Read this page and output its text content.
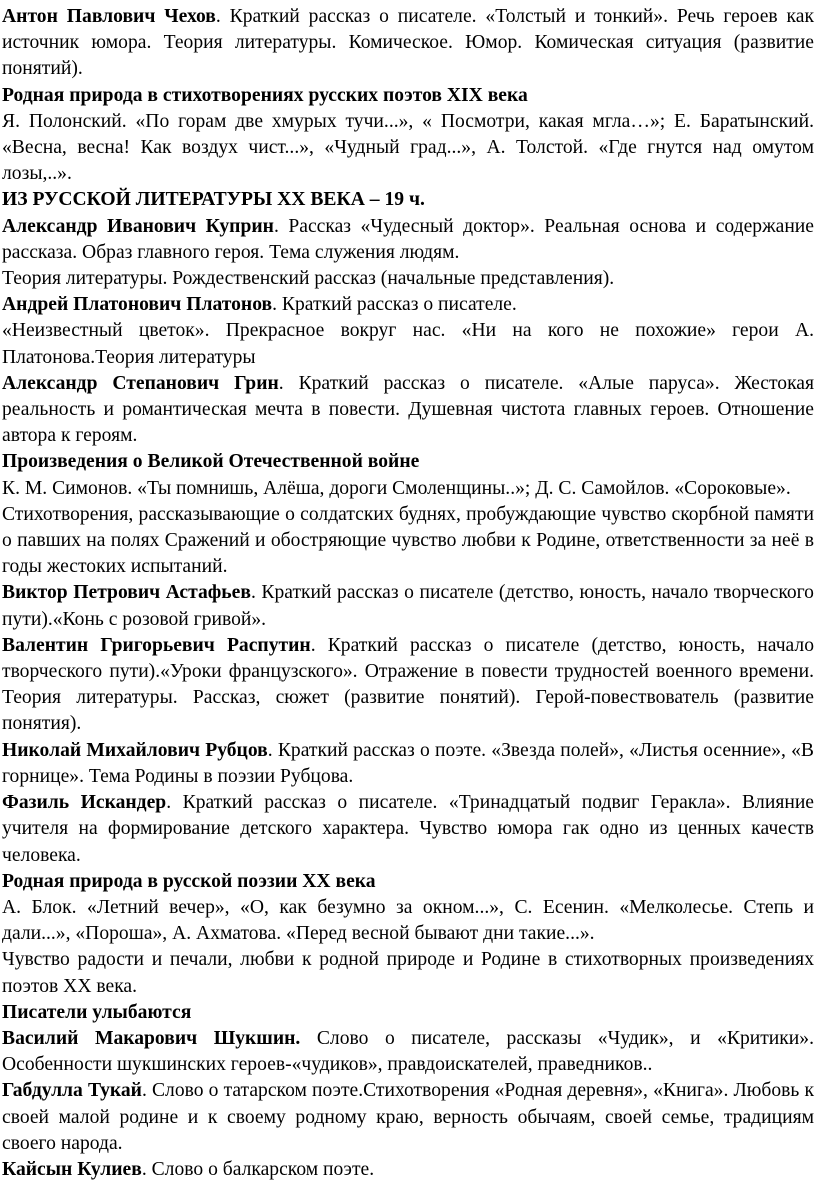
Антон Павлович Чехов. Краткий рассказ о писателе. «Толстый и тонкий». Речь героев как источник юмора. Теория литературы. Комическое. Юмор. Комическая ситуация (развитие понятий).

Родная природа в стихотворениях русских поэтов XIX века

Я. Полонский. «По горам две хмурых тучи...», « Посмотри, какая мгла…»; Е. Баратынский. «Весна, весна! Как воздух чист...», «Чудный град...», А. Толстой. «Где гнутся над омутом лозы,..».

ИЗ РУССКОЙ ЛИТЕРАТУРЫ XX ВЕКА – 19 ч.

Александр Иванович Куприн. Рассказ «Чудесный доктор». Реальная основа и содержание рассказа. Образ главного героя. Тема служения людям.

Теория литературы. Рождественский рассказ (начальные представления).

Андрей Платонович Платонов. Краткий рассказ о писателе.

«Неизвестный цветок». Прекрасное вокруг нас. «Ни на кого не похожие» герои А. Платонова.Теория литературы

Александр Степанович Грин. Краткий рассказ о писателе. «Алые паруса». Жестокая реальность и романтическая мечта в повести. Душевная чистота главных героев. Отношение автора к героям.

Произведения о Великой Отечественной войне

К. М. Симонов. «Ты помнишь, Алёша, дороги Смоленщины..»; Д. С. Самойлов. «Сороковые».

Стихотворения, рассказывающие о солдатских буднях, пробуждающие чувство скорбной памяти о павших на полях Сражений и обостряющие чувство любви к Родине, ответственности за неё в годы жестоких испытаний.

Виктор Петрович Астафьев. Краткий рассказ о писателе (детство, юность, начало творческого пути).«Конь с розовой гривой».

Валентин Григорьевич Распутин. Краткий рассказ о писателе (детство, юность, начало творческого пути).«Уроки французского». Отражение в повести трудностей военного времени. Теория литературы. Рассказ, сюжет (развитие понятий). Герой-повествователь (развитие понятия).

Николай Михайлович Рубцов. Краткий рассказ о поэте. «Звезда полей», «Листья осенние», «В горнице». Тема Родины в поэзии Рубцова.

Фазиль Искандер. Краткий рассказ о писателе. «Тринадцатый подвиг Геракла». Влияние учителя на формирование детского характера. Чувство юмора гак одно из ценных качеств человека.

Родная природа в русской поэзии XX века

А. Блок. «Летний вечер», «О, как безумно за окном...», С. Есенин. «Мелколесье. Степь и дали...», «Пороша», А. Ахматова. «Перед весной бывают дни такие...».

Чувство радости и печали, любви к родной природе и Родине в стихотворных произведениях поэтов XX века.

Писатели улыбаются

Василий Макарович Шукшин. Слово о писателе, рассказы «Чудик», и «Критики». Особенности шукшинских героев-«чудиков», правдоискателей, праведников..

Габдулла Тукай. Слово о татарском поэте.Стихотворения «Родная деревня», «Книга». Любовь к своей малой родине и к своему родному краю, верность обычаям, своей семье, традициям своего народа.

Кайсын Кулиев. Слово о балкарском поэте.
